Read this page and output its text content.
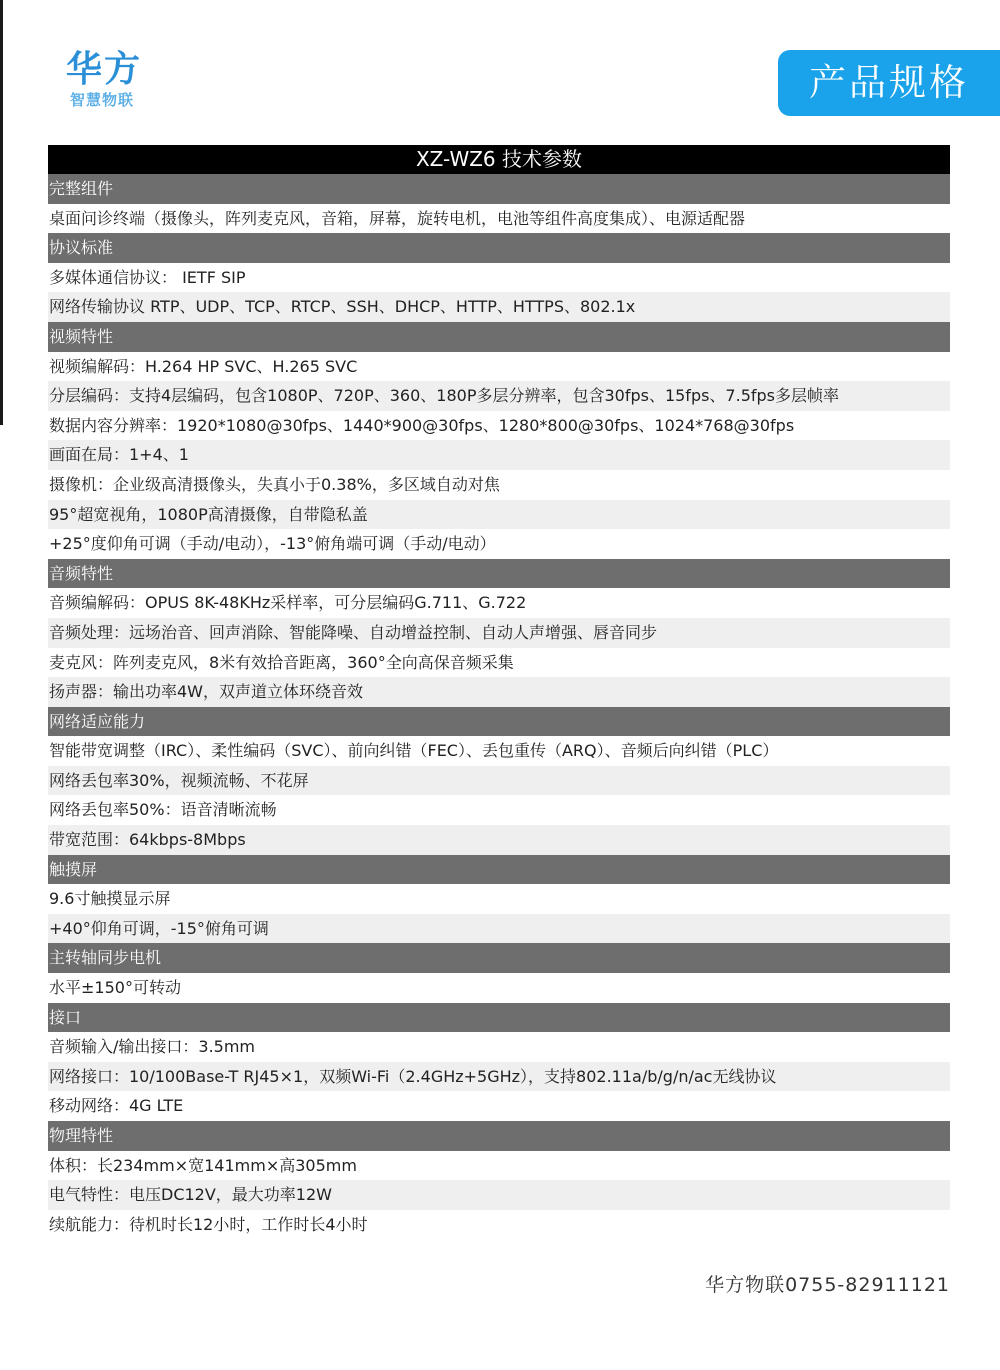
华方
智慧物联	产品规格
XZ-WZ6 技术参数
完整组件
桌面问诊终端（摄像头，阵列麦克风，音箱，屏幕，旋转电机，电池等组件高度集成）、电源适配器
协议标准
多媒体通信协议： IETF SIP
网络传输协议 RTP、UDP、TCP、RTCP、SSH、DHCP、HTTP、HTTPS、802.1x
视频特性
视频编解码：H.264 HP SVC、H.265 SVC
分层编码：支持4层编码，包含1080P、720P、360、180P多层分辨率，包含30fps、15fps、7.5fps多层帧率
数据内容分辨率：1920*1080@30fps、1440*900@30fps、1280*800@30fps、1024*768@30fps
画面在局：1+4、1
摄像机：企业级高清摄像头，失真小于0.38%，多区域自动对焦
95°超宽视角，1080P高清摄像，自带隐私盖
+25°度仰角可调（手动/电动），-13°俯角端可调（手动/电动）
音频特性
音频编解码：OPUS 8K-48KHz采样率，可分层编码G.711、G.722
音频处理：远场治音、回声消除、智能降噪、自动增益控制、自动人声增强、唇音同步
麦克风：阵列麦克风，8米有效拾音距离，360°全向高保音频采集
扬声器：输出功率4W，双声道立体环绕音效
网络适应能力
智能带宽调整（IRC）、柔性编码（SVC）、前向纠错（FEC）、丢包重传（ARQ）、音频后向纠错（PLC）
网络丢包率30%，视频流畅、不花屏
网络丢包率50%：语音清晰流畅
带宽范围：64kbps-8Mbps
触摸屏
9.6寸触摸显示屏
+40°仰角可调，-15°俯角可调
主转轴同步电机
水平±150°可转动
接口
音频输入/输出接口：3.5mm
网络接口：10/100Base-T RJ45×1，双频Wi-Fi（2.4GHz+5GHz），支持802.11a/b/g/n/ac无线协议
移动网络：4G LTE
物理特性
体积：长234mm×宽141mm×高305mm
电气特性：电压DC12V，最大功率12W
续航能力：待机时长12小时，工作时长4小时
华方物联0755-82911121
